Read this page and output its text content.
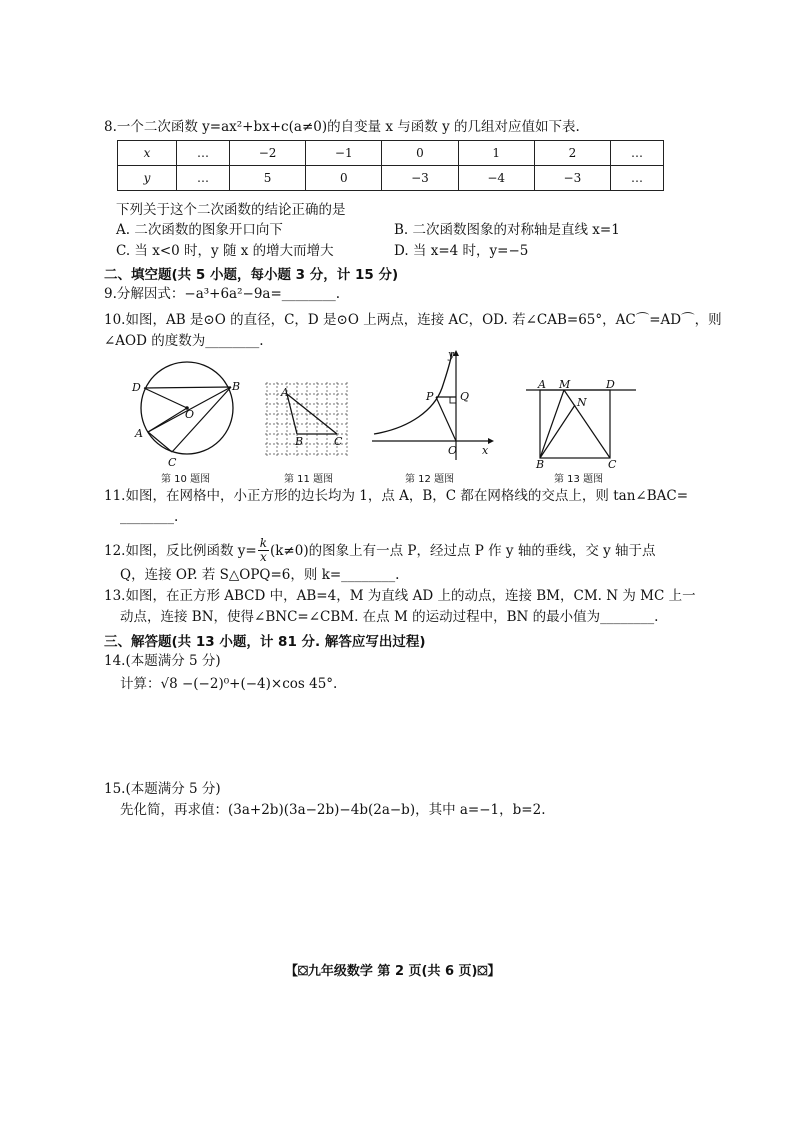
8.一个二次函数 y=ax²+bx+c(a≠0)的自变量 x 与函数 y 的几组对应值如下表.
x	…	−2	−1	0	1	2	…
y	…	5	0	−3	−4	−3	…
下列关于这个二次函数的结论正确的是
A. 二次函数的图象开口向下	B. 二次函数图象的对称轴是直线 x=1
C. 当 x<0 时，y 随 x 的增大而增大	D. 当 x=4 时，y=−5
二、填空题(共 5 小题，每小题 3 分，计 15 分)
9.分解因式：−a³+6a²−9a=________.
10.如图，AB 是⊙O 的直径，C，D 是⊙O 上两点，连接 AC，OD. 若∠CAB=65°，AC⌒=AD⌒，则
∠AOD 的度数为________.
D	B
O
A
C
第 10 题图
A
B	C
第 11 题图
y
P Q
O x
第 12 题图
A M	D
N
B	C
第 13 题图
11.如图，在网格中，小正方形的边长均为 1，点 A，B，C 都在网格线的交点上，则 tan∠BAC=
________.
12.如图，反比例函数 $y= \frac{k}{x} (k\ne 0)$的图象上有一点 P，经过点 P 作 y 轴的垂线，交 y 轴于点
Q，连接 OP. 若 S△OPQ=6，则 k=________.
13.如图，在正方形 ABCD 中，AB=4，M 为直线 AD 上的动点，连接 BM，CM. N 为 MC 上一
动点，连接 BN，使得∠BNC=∠CBM. 在点 M 的运动过程中，BN 的最小值为________.
三、解答题(共 13 小题，计 81 分. 解答应写出过程)
14.(本题满分 5 分)
计算：√8 −(−2)⁰+(−4)×cos 45°.
15.(本题满分 5 分)
先化简，再求值：(3a+2b)(3a−2b)−4b(2a−b)，其中 a=−1，b=2.
【⛋九年级数学 第 2 页(共 6 页)⛋】
